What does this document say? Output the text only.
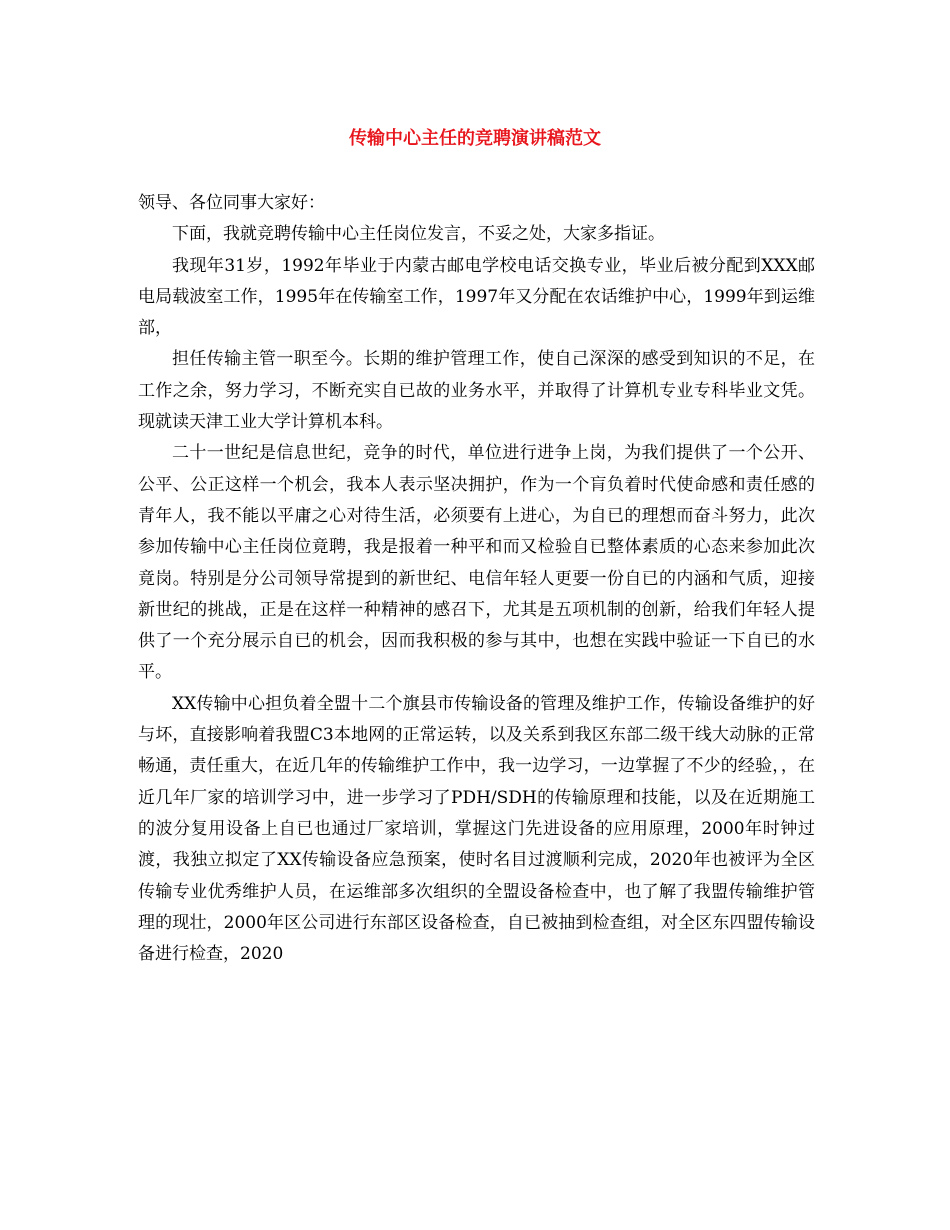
传输中心主任的竞聘演讲稿范文

领导、各位同事大家好：

下面，我就竞聘传输中心主任岗位发言，不妥之处，大家多指证。

我现年31岁，1992年毕业于内蒙古邮电学校电话交换专业，毕业后被分配到XXX邮电局载波室工作，1995年在传输室工作，1997年又分配在农话维护中心，1999年到运维部，

担任传输主管一职至今。长期的维护管理工作，使自己深深的感受到知识的不足，在工作之余，努力学习，不断充实自已故的业务水平，并取得了计算机专业专科毕业文凭。现就读天津工业大学计算机本科。

二十一世纪是信息世纪，竞争的时代，单位进行进争上岗，为我们提供了一个公开、公平、公正这样一个机会，我本人表示坚决拥护，作为一个肓负着时代使命感和责任感的青年人，我不能以平庸之心对待生活，必须要有上进心，为自已的理想而奋斗努力，此次参加传输中心主任岗位竟聘，我是报着一种平和而又检验自已整体素质的心态来参加此次竟岗。特别是分公司领导常提到的新世纪、电信年轻人更要一份自已的内涵和气质，迎接新世纪的挑战，正是在这样一种精神的感召下，尤其是五项机制的创新，给我们年轻人提供了一个充分展示自已的机会，因而我积极的参与其中，也想在实践中验证一下自已的水平。

XX传输中心担负着全盟十二个旗县市传输设备的管理及维护工作，传输设备维护的好与坏，直接影响着我盟C3本地网的正常运转，以及关系到我区东部二级干线大动脉的正常畅通，责任重大，在近几年的传输维护工作中，我一边学习，一边掌握了不少的经验，，在近几年厂家的培训学习中，进一步学习了PDH/SDH的传输原理和技能，以及在近期施工的波分复用设备上自已也通过厂家培训，掌握这门先进设备的应用原理，2000年时钟过渡，我独立拟定了XX传输设备应急预案，使时名目过渡顺利完成，2020年也被评为全区传输专业优秀维护人员，在运维部多次组织的全盟设备检查中，也了解了我盟传输维护管理的现壮，2000年区公司进行东部区设备检查，自已被抽到检查组，对全区东四盟传输设备进行检查，2020
